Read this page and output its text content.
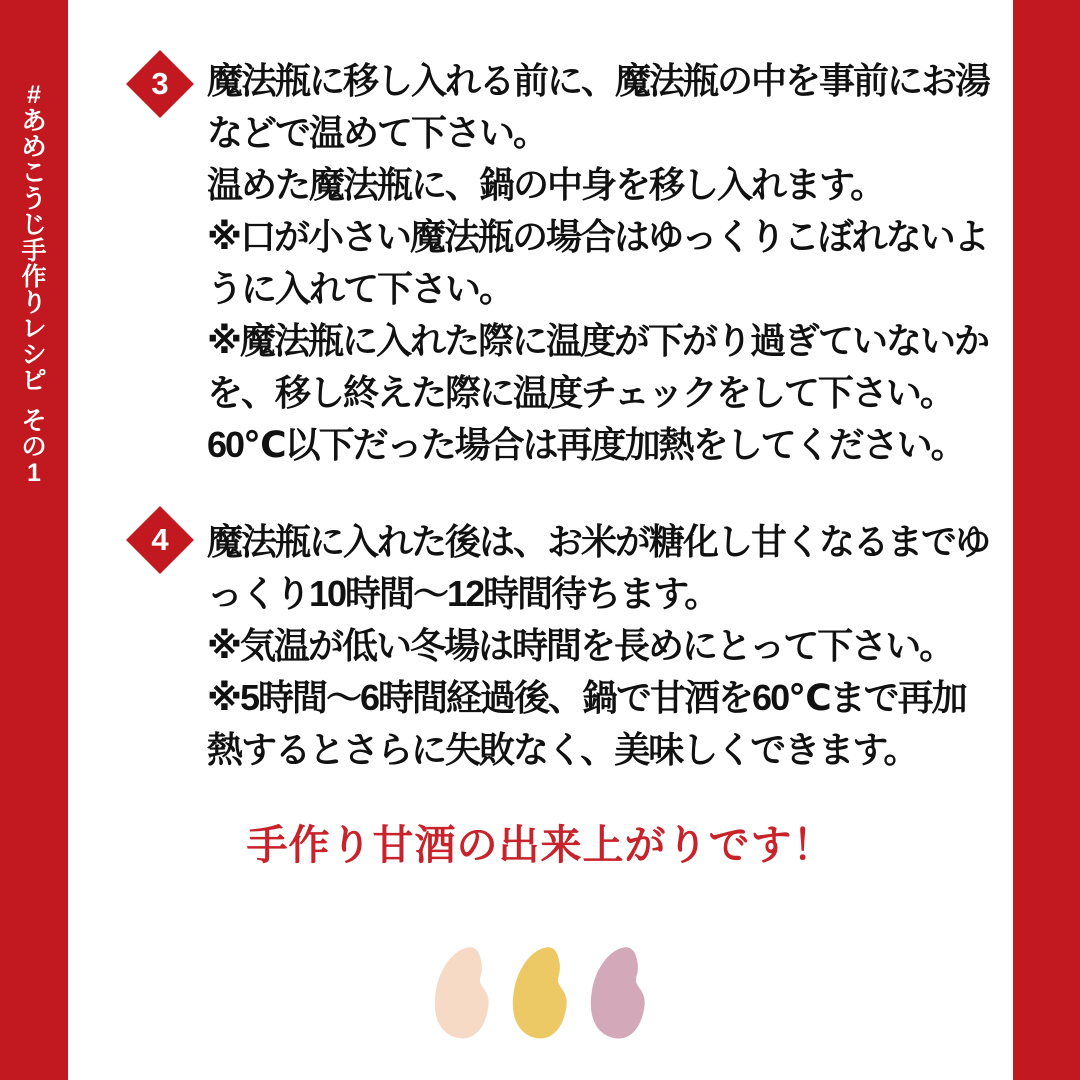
#
あ
め
こ
う
じ
手
作
り
レ
シ
ピ
そ
の
1
3	魔法瓶に移し入れる前に、魔法瓶の中を事前にお湯
などで温めて下さい。
温めた魔法瓶に、鍋の中身を移し入れます。
※口が小さい魔法瓶の場合はゆっくりこぼれないよ
うに入れて下さい。
※魔法瓶に入れた際に温度が下がり過ぎていないか
を、移し終えた際に温度チェックをして下さい。
60℃以下だった場合は再度加熱をしてください。
4	魔法瓶に入れた後は、お米が糖化し甘くなるまでゆ
っくり10時間〜12時間待ちます。
※気温が低い冬場は時間を長めにとって下さい。
※5時間〜6時間経過後、鍋で甘酒を60℃まで再加
熱するとさらに失敗なく、美味しくできます。
手作り甘酒の出来上がりです！
